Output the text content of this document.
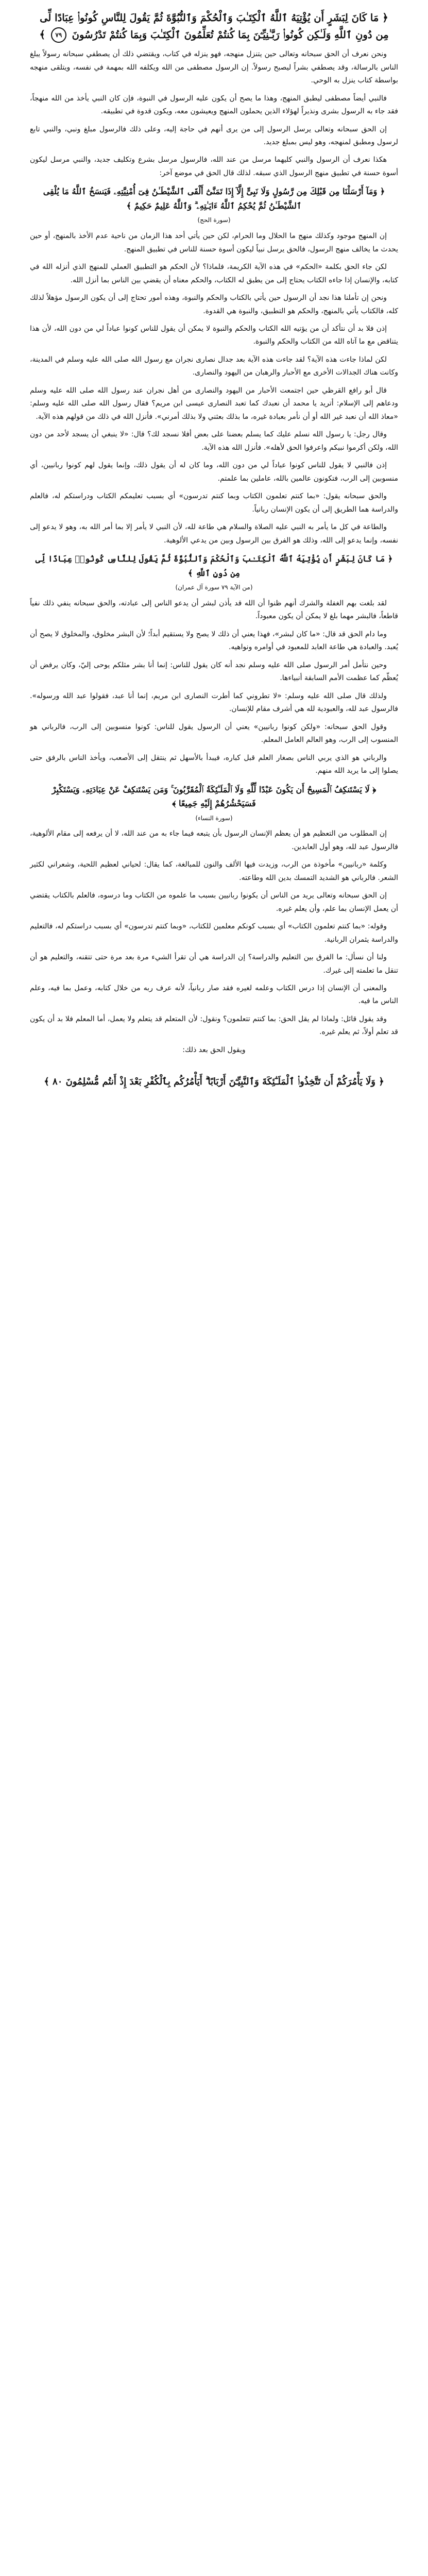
﴿ مَا كَانَ لِبَشَرٍ أَن يُؤْتِيَهُ ٱللَّهُ ٱلْكِتَـٰبَ وَٱلْحُكْمَ وَٱلنُّبُوَّةَ ثُمَّ يَقُولَ لِلنَّاسِ كُونُوا۟ عِبَادًا لِّى مِن دُونِ ٱللَّهِ وَلَـٰكِن كُونُوا۟ رَبَّـٰنِيِّـۧنَ بِمَا كُنتُمْ تُعَلِّمُونَ ٱلْكِتَـٰبَ وَبِمَا كُنتُمْ تَدْرُسُونَ ٧٩ ﴾

ونحن نعرف أن الحق سبحانه وتعالى حين يتنزل منهجه، فهو ينزله في كتاب، ويقتضي ذلك أن يصطفي سبحانه رسولاً يبلغ الناس بالرسالة، وقد يصطفي بشراً ليصبح رسولاً. إن الرسول مصطفى من الله ويكلفه الله بمهمة في نفسه، ويتلقى منهجه بواسطة كتاب ينزل به الوحي.

فالنبي أيضاً مصطفى ليطبق المنهج، وهذا ما يصح أن يكون عليه الرسول في النبوة، فإن كان النبي يأخذ من الله منهجاً، فقد جاء به الرسول بشرى ونذيراً لهؤلاء الذين يحملون المنهج ويعيشون معه، ويكون قدوة في تطبيقه.

إن الحق سبحانه وتعالى يرسل الرسول إلى من يرى أنهم في حاجة إليه، وعلى ذلك فالرسول مبلغ ونبي، والنبي تابع لرسول ومطبق لمنهجه، وهو ليس بمبلغ جديد.

هكذا نعرف أن الرسول والنبي كليهما مرسل من عند الله، فالرسول مرسل بشرع وتكليف جديد، والنبي مرسل ليكون أسوة حسنة في تطبيق منهج الرسول الذي سبقه. لذلك قال الحق في موضع آخر:

﴿ وَمَآ أَرْسَلْنَا مِن قَبْلِكَ مِن رَّسُولٍ وَلَا نَبِىٍّ إِلَّآ إِذَا تَمَنَّىٰٓ أَلْقَى ٱلشَّيْطَـٰنُ فِىٓ أُمْنِيَّتِهِۦ فَيَنسَخُ ٱللَّهُ مَا يُلْقِى ٱلشَّيْطَـٰنُ ثُمَّ يُحْكِمُ ٱللَّهُ ءَايَـٰتِهِۦ ۗ وَٱللَّهُ عَلِيمٌ حَكِيمٌ ﴾
(سورة الحج)

إن المنهج موجود وكذلك منهج ما الحلال وما الحرام، لكن حين يأتي أحد هذا الزمان من ناحية عدم الأخذ بالمنهج، أو حين يحدث ما يخالف منهج الرسول، فالحق يرسل نبياً ليكون أسوة حسنة للناس في تطبيق المنهج.

لكن جاء الحق بكلمة «الحكم» في هذه الآية الكريمة، فلماذا؟ لأن الحكم هو التطبيق العملي للمنهج الذي أنزله الله في كتابه، والإنسان إذا جاءه الكتاب يحتاج إلى من يطبق له الكتاب، والحكم معناه أن يقضي بين الناس بما أنزل الله.

ونحن إن تأملنا هذا نجد أن الرسول حين يأتي بالكتاب والحكم والنبوة، وهذه أمور تحتاج إلى أن يكون الرسول مؤهلاً لذلك كله، فالكتاب يأتي بالمنهج، والحكم هو التطبيق، والنبوة هي القدوة.

إذن فلا بد أن نتأكد أن من يؤتيه الله الكتاب والحكم والنبوة لا يمكن أن يقول للناس كونوا عباداً لي من دون الله، لأن هذا يتناقض مع ما آتاه الله من الكتاب والحكم والنبوة.

لكن لماذا جاءت هذه الآية؟ لقد جاءت هذه الآية بعد جدال نصارى نجران مع رسول الله صلى الله عليه وسلم في المدينة، وكانت هناك الجدالات الأخرى مع الأحبار والرهبان من اليهود والنصارى.

قال أبو رافع القرظي حين اجتمعت الأحبار من اليهود والنصارى من أهل نجران عند رسول الله صلى الله عليه وسلم ودعاهم إلى الإسلام: أتريد يا محمد أن نعبدك كما تعبد النصارى عيسى ابن مريم؟ فقال رسول الله صلى الله عليه وسلم: «معاذ الله أن نعبد غير الله أو أن نأمر بعبادة غيره، ما بذلك بعثني ولا بذلك أمرني». فأنزل الله في ذلك من قولهم هذه الآية.

وقال رجل: يا رسول الله نسلم عليك كما يسلم بعضنا على بعض أفلا نسجد لك؟ قال: «لا ينبغي أن يسجد لأحد من دون الله، ولكن أكرموا نبيكم واعرفوا الحق لأهله». فأنزل الله هذه الآية.

إذن فالنبي لا يقول للناس كونوا عباداً لي من دون الله، وما كان له أن يقول ذلك، وإنما يقول لهم كونوا ربانيين، أي منسوبين إلى الرب، فتكونون عالمين بالله، عاملين بما علمتم.

والحق سبحانه يقول: «بما كنتم تعلمون الكتاب وبما كنتم تدرسون» أي بسبب تعليمكم الكتاب ودراستكم له، فالعلم والدراسة هما الطريق إلى أن يكون الإنسان ربانياً.

والطاعة في كل ما يأمر به النبي عليه الصلاة والسلام هي طاعة لله، لأن النبي لا يأمر إلا بما أمر الله به، وهو لا يدعو إلى نفسه، وإنما يدعو إلى الله، وذلك هو الفرق بين الرسول وبين من يدعي الألوهية.

﴿ مَا كَانَ لِبَشَرٍ أَن يُؤْتِيَهُ ٱللَّهُ ٱلْكِتَـٰبَ وَٱلْحُكْمَ وَٱلنُّبُوَّةَ ثُمَّ يَقُولَ لِلنَّاسِ كُونُوا۟ عِبَادًا لِّى مِن دُونِ ٱللَّهِ ﴾
(من الآية ٧٩ سورة آل عمران)

لقد بلغت بهم الغفلة والشرك أنهم ظنوا أن الله قد يأذن لبشر أن يدعو الناس إلى عبادته، والحق سبحانه ينفي ذلك نفياً قاطعاً، فالبشر مهما بلغ لا يمكن أن يكون معبوداً.

وما دام الحق قد قال: «ما كان لبشر»، فهذا يعني أن ذلك لا يصح ولا يستقيم أبداً؛ لأن البشر مخلوق، والمخلوق لا يصح أن يُعبد. والعبادة هي طاعة العابد للمعبود في أوامره ونواهيه.

وحين نتأمل أمر الرسول صلى الله عليه وسلم نجد أنه كان يقول للناس: إنما أنا بشر مثلكم يوحى إليّ، وكان يرفض أن يُعظّم كما عظمت الأمم السابقة أنبياءها.

ولذلك قال صلى الله عليه وسلم: «لا تطروني كما أطرت النصارى ابن مريم، إنما أنا عبد، فقولوا عبد الله ورسوله». فالرسول عبد لله، والعبودية لله هي أشرف مقام للإنسان.

وقول الحق سبحانه: «ولكن كونوا ربانيين» يعني أن الرسول يقول للناس: كونوا منسوبين إلى الرب، فالرباني هو المنسوب إلى الرب، وهو العالم العامل المعلم.

والرباني هو الذي يربي الناس بصغار العلم قبل كباره، فيبدأ بالأسهل ثم ينتقل إلى الأصعب، ويأخذ الناس بالرفق حتى يصلوا إلى ما يريد الله منهم.

﴿ لَا يَسْتَنكِفُ ٱلْمَسِيحُ أَن يَكُونَ عَبْدًا لِّلَّهِ وَلَا ٱلْمَلَـٰٓئِكَةُ ٱلْمُقَرَّبُونَ ۚ وَمَن يَسْتَنكِفْ عَنْ عِبَادَتِهِۦ وَيَسْتَكْبِرْ فَسَيَحْشُرُهُمْ إِلَيْهِ جَمِيعًا ﴾
(سورة النساء)

إن المطلوب من التعظيم هو أن يعظم الإنسان الرسول بأن يتبعه فيما جاء به من عند الله، لا أن يرفعه إلى مقام الألوهية، فالرسول عبد لله، وهو أول العابدين.

وكلمة «ربانيين» مأخوذة من الرب، وزيدت فيها الألف والنون للمبالغة، كما يقال: لحياني لعظيم اللحية، وشعراني لكثير الشعر. فالرباني هو الشديد التمسك بدين الله وطاعته.

إن الحق سبحانه وتعالى يريد من الناس أن يكونوا ربانيين بسبب ما علموه من الكتاب وما درسوه، فالعلم بالكتاب يقتضي أن يعمل الإنسان بما علم، وأن يعلم غيره.

وقوله: «بما كنتم تعلمون الكتاب» أي بسبب كونكم معلمين للكتاب، «وبما كنتم تدرسون» أي بسبب دراستكم له، فالتعليم والدراسة يثمران الربانية.

ولنا أن نسأل: ما الفرق بين التعليم والدراسة؟ إن الدراسة هي أن تقرأ الشيء مرة بعد مرة حتى تتقنه، والتعليم هو أن تنقل ما تعلمته إلى غيرك.

والمعنى أن الإنسان إذا درس الكتاب وعلمه لغيره فقد صار ربانياً، لأنه عرف ربه من خلال كتابه، وعمل بما فيه، وعلم الناس ما فيه.

وقد يقول قائل: ولماذا لم يقل الحق: بما كنتم تتعلمون؟ ونقول: لأن المتعلم قد يتعلم ولا يعمل، أما المعلم فلا بد أن يكون قد تعلم أولاً، ثم يعلم غيره.

ويقول الحق بعد ذلك:

﴿ وَلَا يَأْمُرَكُمْ أَن تَتَّخِذُوا۟ ٱلْمَلَـٰٓئِكَةَ وَٱلنَّبِيِّـۧنَ أَرْبَابًا ۗ أَيَأْمُرُكُم بِٱلْكُفْرِ بَعْدَ إِذْ أَنتُم مُّسْلِمُونَ ٨٠ ﴾
